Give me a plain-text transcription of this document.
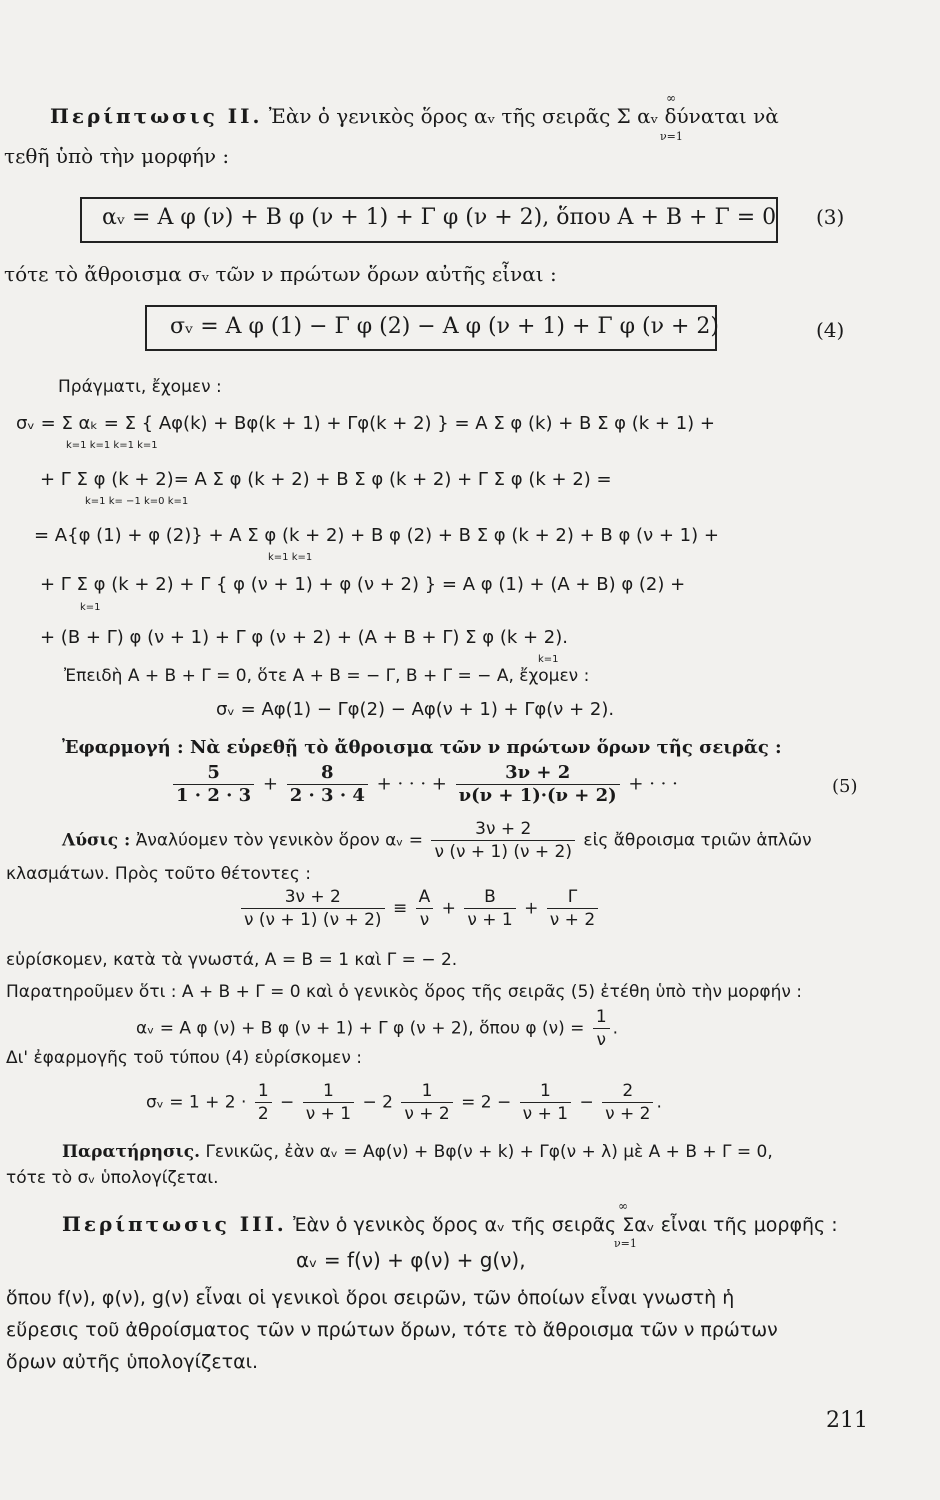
Περίπτωσις ΙΙ. Ἐὰν ὁ γενικὸς ὅρος αᵥ τῆς σειρᾶς Σ αᵥ δύναται νὰ
∞
ν=1
τεθῆ ὑπὸ τὴν μορφήν :
αᵥ = A φ (ν) + B φ (ν + 1) + Γ φ (ν + 2), ὅπου A + B + Γ = 0 (3)
τότε τὸ ἄθροισμα σᵥ τῶν ν πρώτων ὅρων αὐτῆς εἶναι :
σᵥ = A φ (1) − Γ φ (2) − A φ (ν + 1) + Γ φ (ν + 2)	(4)
Πράγματι, ἔχομεν :
σᵥ = Σ αₖ = Σ { Aφ(k) + Bφ(k + 1) + Γφ(k + 2) } = A Σ φ (k) + B Σ φ (k + 1) +
k=1 k=1 k=1 k=1
+ Γ Σ φ (k + 2)= A Σ φ (k + 2) + B Σ φ (k + 2) + Γ Σ φ (k + 2) =
k=1 k= −1 k=0 k=1
= A{φ (1) + φ (2)} + A Σ φ (k + 2) + B φ (2) + B Σ φ (k + 2) + B φ (ν + 1) +
k=1 k=1
+ Γ Σ φ (k + 2) + Γ { φ (ν + 1) + φ (ν + 2) } = A φ (1) + (A + B) φ (2) +
k=1
+ (B + Γ) φ (ν + 1) + Γ φ (ν + 2) + (A + B + Γ) Σ φ (k + 2).
k=1
Ἐπειδὴ A + B + Γ = 0, ὅτε A + B = − Γ, B + Γ = − A, ἔχομεν :
σᵥ = Aφ(1) − Γφ(2) − Aφ(ν + 1) + Γφ(ν + 2).
Ἐφαρμογή : Νὰ εὑρεθῇ τὸ ἄθροισμα τῶν ν πρώτων ὅρων τῆς σειρᾶς :
$\frac{5}{1 \cdot 2 \cdot 3} + \frac{8}{2 \cdot 3 \cdot 4}$ + · · · + $\frac{3\nu + 2}{\nu(\nu + 1)\cdot(\nu + 2)}$ + · · ·	(5)
Λύσις : Ἀναλύομεν τὸν γενικὸν ὅρον αᵥ = $\frac{3\nu + 2}{\nu (\nu + 1) (\nu + 2)}$ εἰς ἄθροισμα τριῶν ἁπλῶν
κλασμάτων. Πρὸς τοῦτο θέτοντες :
$\frac{3\nu + 2}{\nu (\nu + 1) (\nu + 2)} \equiv \frac{A}{\nu} + \frac{B}{\nu + 1} + \frac{\Gamma}{\nu + 2}$
εὑρίσκομεν, κατὰ τὰ γνωστά, A = B = 1 καὶ Γ = − 2.
Παρατηροῦμεν ὅτι : A + B + Γ = 0 καὶ ὁ γενικὸς ὅρος τῆς σειρᾶς (5) ἐτέθη ὑπὸ τὴν μορφήν :
αᵥ = A φ (ν) + B φ (ν + 1) + Γ φ (ν + 2), ὅπου φ $(\nu) = \frac{1}{\nu}$ .
Δι' ἐφαρμογῆς τοῦ τύπου (4) εὑρίσκομεν :
σᵥ = $1 + 2 \cdot \frac{1}{2} - \frac{1}{\nu + 1} - 2 \frac{1}{\nu + 2} = 2 - \frac{1}{\nu + 1} - \frac{2}{\nu + 2}$ .
Παρατήρησις. Γενικῶς, ἐὰν αᵥ = Aφ(ν) + Bφ(ν + k) + Γφ(ν + λ) μὲ A + B + Γ = 0,
τότε τὸ σᵥ ὑπολογίζεται.
Περίπτωσις ΙΙΙ. Ἐὰν ὁ γενικὸς ὅρος αᵥ τῆς σειρᾶς Σαᵥ εἶναι τῆς μορφῆς :
∞
ν=1
αᵥ = f(ν) + φ(ν) + g(ν),
ὅπου f(ν), φ(ν), g(ν) εἶναι οἱ γενικοὶ ὅροι σειρῶν, τῶν ὁποίων εἶναι γνωστὴ ἡ
εὕρεσις τοῦ ἀθροίσματος τῶν ν πρώτων ὅρων, τότε τὸ ἄθροισμα τῶν ν πρώτων
ὅρων αὐτῆς ὑπολογίζεται.
211
